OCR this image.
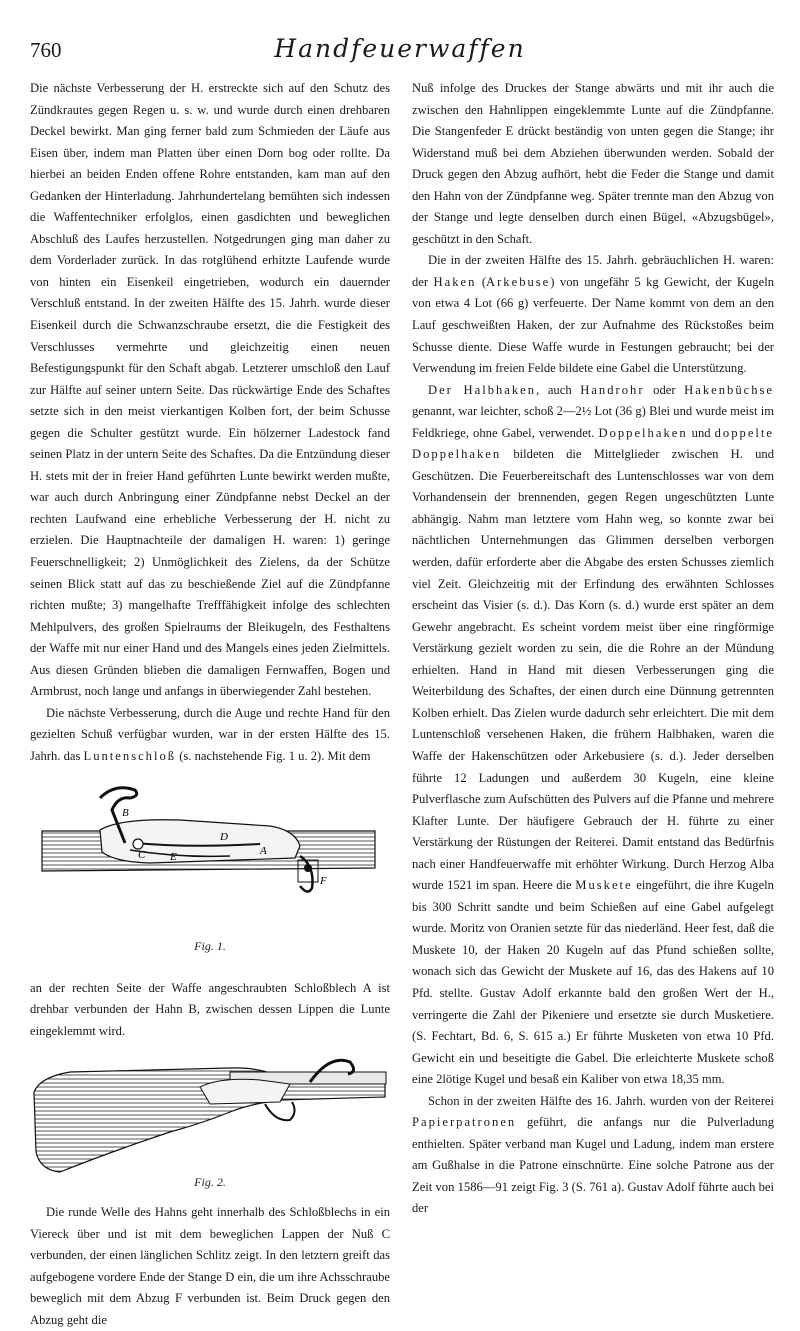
760	Handfeuerwaffen

Die nächste Verbesserung der H. erstreckte sich auf den Schutz des Zündkrautes gegen Regen u. s. w. und wurde durch einen drehbaren Deckel bewirkt. Man ging ferner bald zum Schmieden der Läufe aus Eisen über, indem man Platten über einen Dorn bog oder rollte. Da hierbei an beiden Enden offene Rohre entstanden, kam man auf den Gedanken der Hinterladung. Jahrhundertelang bemühten sich indessen die Waffentechniker erfolglos, einen gasdichten und beweglichen Abschluß des Laufes herzustellen. Notgedrungen ging man daher zu dem Vorderlader zurück. In das rotglühend erhitzte Laufende wurde von hinten ein Eisenkeil eingetrieben, wodurch ein dauernder Verschluß entstand. In der zweiten Hälfte des 15. Jahrh. wurde dieser Eisenkeil durch die Schwanzschraube ersetzt, die die Festigkeit des Verschlusses vermehrte und gleichzeitig einen neuen Befestigungspunkt für den Schaft abgab. Letzterer umschloß den Lauf zur Hälfte auf seiner untern Seite. Das rückwärtige Ende des Schaftes setzte sich in den meist vierkantigen Kolben fort, der beim Schusse gegen die Schulter gestützt wurde. Ein hölzerner Ladestock fand seinen Platz in der untern Seite des Schaftes. Da die Entzündung dieser H. stets mit der in freier Hand geführten Lunte bewirkt werden mußte, war auch durch Anbringung einer Zündpfanne nebst Deckel an der rechten Laufwand eine erhebliche Verbesserung der H. nicht zu erzielen. Die Hauptnachteile der damaligen H. waren: 1) geringe Feuerschnelligkeit; 2) Unmöglichkeit des Zielens, da der Schütze seinen Blick statt auf das zu beschießende Ziel auf die Zündpfanne richten mußte; 3) mangelhafte Trefffähigkeit infolge des schlechten Mehlpulvers, des großen Spielraums der Bleikugeln, des Festhaltens der Waffe mit nur einer Hand und des Mangels eines jeden Zielmittels. Aus diesen Gründen blieben die damaligen Fernwaffen, Bogen und Armbrust, noch lange und anfangs in überwiegender Zahl bestehen.

Die nächste Verbesserung, durch die Auge und rechte Hand für den gezielten Schuß verfügbar wurden, war in der ersten Hälfte des 15. Jahrh. das Luntenschloß (s. nachstehende Fig. 1 u. 2). Mit dem

B
D
A
E
C
F
Fig. 1.

an der rechten Seite der Waffe angeschraubten Schloßblech A ist drehbar verbunden der Hahn B, zwischen dessen Lippen die Lunte eingeklemmt wird.

Fig. 2.

Die runde Welle des Hahns geht innerhalb des Schloßblechs in ein Viereck über und ist mit dem beweglichen Lappen der Nuß C verbunden, der einen länglichen Schlitz zeigt. In den letztern greift das aufgebogene vordere Ende der Stange D ein, die um ihre Achsschraube beweglich mit dem Abzug F verbunden ist. Beim Druck gegen den Abzug geht die

Nuß infolge des Druckes der Stange abwärts und mit ihr auch die zwischen den Hahnlippen eingeklemmte Lunte auf die Zündpfanne. Die Stangenfeder E drückt beständig von unten gegen die Stange; ihr Widerstand muß bei dem Abziehen überwunden werden. Sobald der Druck gegen den Abzug aufhört, hebt die Feder die Stange und damit den Hahn von der Zündpfanne weg. Später trennte man den Abzug von der Stange und legte denselben durch einen Bügel, «Abzugsbügel», geschützt in den Schaft.

Die in der zweiten Hälfte des 15. Jahrh. gebräuchlichen H. waren: der Haken (Arkebuse) von ungefähr 5 kg Gewicht, der Kugeln von etwa 4 Lot (66 g) verfeuerte. Der Name kommt von dem an den Lauf geschweißten Haken, der zur Aufnahme des Rückstoßes beim Schusse diente. Diese Waffe wurde in Festungen gebraucht; bei der Verwendung im freien Felde bildete eine Gabel die Unterstützung.

Der Halbhaken, auch Handrohr oder Hakenbüchse genannt, war leichter, schoß 2—2½ Lot (36 g) Blei und wurde meist im Feldkriege, ohne Gabel, verwendet. Doppelhaken und doppelte Doppelhaken bildeten die Mittelglieder zwischen H. und Geschützen. Die Feuerbereitschaft des Luntenschlosses war von dem Vorhandensein der brennenden, gegen Regen ungeschützten Lunte abhängig. Nahm man letztere vom Hahn weg, so konnte zwar bei nächtlichen Unternehmungen das Glimmen derselben verborgen werden, dafür erforderte aber die Abgabe des ersten Schusses ziemlich viel Zeit. Gleichzeitig mit der Erfindung des erwähnten Schlosses erscheint das Visier (s. d.). Das Korn (s. d.) wurde erst später an dem Gewehr angebracht. Es scheint vordem meist über eine ringförmige Verstärkung gezielt worden zu sein, die die Rohre an der Mündung erhielten. Hand in Hand mit diesen Verbesserungen ging die Weiterbildung des Schaftes, der einen durch eine Dünnung getrennten Kolben erhielt. Das Zielen wurde dadurch sehr erleichtert. Die mit dem Luntenschloß versehenen Haken, die frühern Halbhaken, waren die Waffe der Hakenschützen oder Arkebusiere (s. d.). Jeder derselben führte 12 Ladungen und außerdem 30 Kugeln, eine kleine Pulverflasche zum Aufschütten des Pulvers auf die Pfanne und mehrere Klafter Lunte. Der häufigere Gebrauch der H. führte zu einer Verstärkung der Rüstungen der Reiterei. Damit entstand das Bedürfnis nach einer Handfeuerwaffe mit erhöhter Wirkung. Durch Herzog Alba wurde 1521 im span. Heere die Muskete eingeführt, die ihre Kugeln bis 300 Schritt sandte und beim Schießen auf eine Gabel aufgelegt wurde. Moritz von Oranien setzte für das niederländ. Heer fest, daß die Muskete 10, der Haken 20 Kugeln auf das Pfund schießen sollte, wonach sich das Gewicht der Muskete auf 16, das des Hakens auf 10 Pfd. stellte. Gustav Adolf erkannte bald den großen Wert der H., verringerte die Zahl der Pikeniere und ersetzte sie durch Musketiere. (S. Fechtart, Bd. 6, S. 615 a.) Er führte Musketen von etwa 10 Pfd. Gewicht ein und beseitigte die Gabel. Die erleichterte Muskete schoß eine 2lötige Kugel und besaß ein Kaliber von etwa 18,35 mm.

Schon in der zweiten Hälfte des 16. Jahrh. wurden von der Reiterei Papierpatronen geführt, die anfangs nur die Pulverladung enthielten. Später verband man Kugel und Ladung, indem man erstere am Gußhalse in die Patrone einschnürte. Eine solche Patrone aus der Zeit von 1586—91 zeigt Fig. 3 (S. 761 a). Gustav Adolf führte auch bei der
